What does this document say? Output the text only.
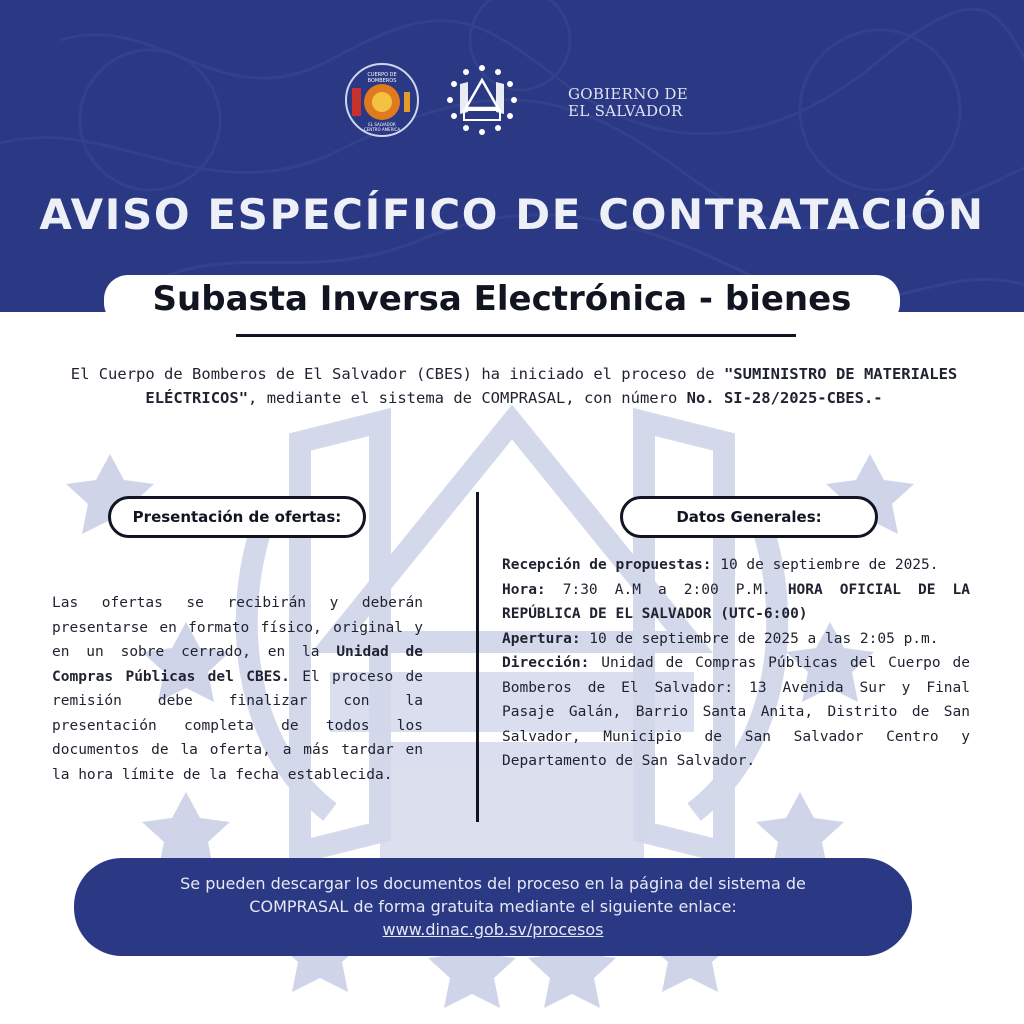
CUERPO DE
BOMBEROS
EL SALVADOR
CENTRO AMERICA
GOBIERNO DE
EL SALVADOR
AVISO ESPECÍFICO DE CONTRATACIÓN
Subasta Inversa Electrónica - bienes
El Cuerpo de Bomberos de El Salvador (CBES) ha iniciado el proceso de "SUMINISTRO DE MATERIALES ELÉCTRICOS", mediante el sistema de COMPRASAL, con número No. SI-28/2025-CBES.-
Presentación de ofertas:	Datos Generales:
Las ofertas se recibirán y deberán presentarse en formato físico, original y en un sobre cerrado, en la Unidad de Compras Públicas del CBES. El proceso de remisión debe finalizar con la presentación completa de todos los documentos de la oferta, a más tardar en la hora límite de la fecha establecida.

Recepción de propuestas: 10 de septiembre de 2025.

Hora: 7:30 A.M a 2:00 P.M. HORA OFICIAL DE LA REPÚBLICA DE EL SALVADOR (UTC-6:00)

Apertura: 10 de septiembre de 2025 a las 2:05 p.m.

Dirección: Unidad de Compras Públicas del Cuerpo de Bomberos de El Salvador: 13 Avenida Sur y Final Pasaje Galán, Barrio Santa Anita, Distrito de San Salvador, Municipio de San Salvador Centro y Departamento de San Salvador.

Se pueden descargar los documentos del proceso en la página del sistema de
COMPRASAL de forma gratuita mediante el siguiente enlace:
www.dinac.gob.sv/procesos
